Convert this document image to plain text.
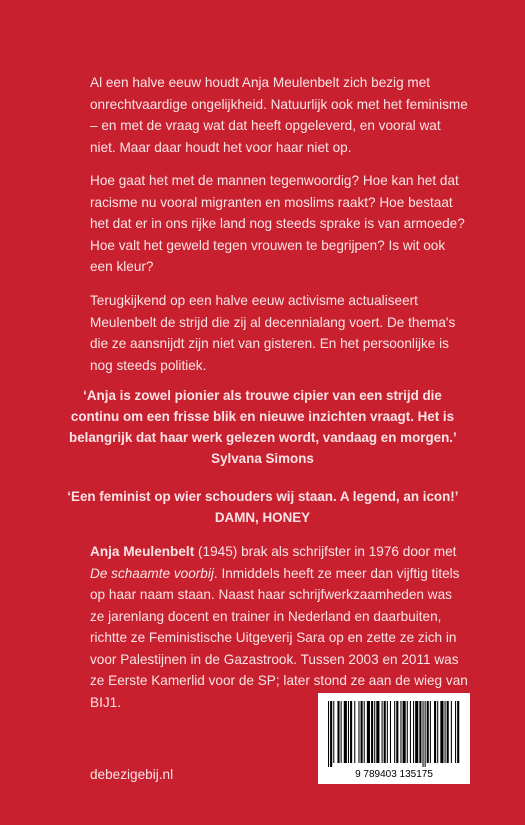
Al een halve eeuw houdt Anja Meulenbelt zich bezig met onrechtvaardige ongelijkheid. Natuurlijk ook met het feminisme – en met de vraag wat dat heeft opgeleverd, en vooral wat niet. Maar daar houdt het voor haar niet op.

Hoe gaat het met de mannen tegenwoordig? Hoe kan het dat racisme nu vooral migranten en moslims raakt? Hoe bestaat het dat er in ons rijke land nog steeds sprake is van armoede? Hoe valt het geweld tegen vrouwen te begrijpen? Is wit ook een kleur?

Terugkijkend op een halve eeuw activisme actualiseert Meulenbelt de strijd die zij al decennialang voert. De thema's die ze aansnijdt zijn niet van gisteren. En het persoonlijke is nog steeds politiek.

‘Anja is zowel pionier als trouwe cipier van een strijd die continu om een frisse blik en nieuwe inzichten vraagt. Het is belangrijk dat haar werk gelezen wordt, vandaag en morgen.’ Sylvana Simons

‘Een feminist op wier schouders wij staan. A legend, an icon!’ DAMN, HONEY

Anja Meulenbelt (1945) brak als schrijfster in 1976 door met De schaamte voorbij. Inmiddels heeft ze meer dan vijftig titels op haar naam staan. Naast haar schrijfwerkzaamheden was ze jarenlang docent en trainer in Nederland en daarbuiten, richtte ze Feministische Uitgeverij Sara op en zette ze zich in voor Palestijnen in de Gazastrook. Tussen 2003 en 2011 was ze Eerste Kamerlid voor de SP; later stond ze aan de wieg van BIJ1.

debezigebij.nl	9 789403 135175
